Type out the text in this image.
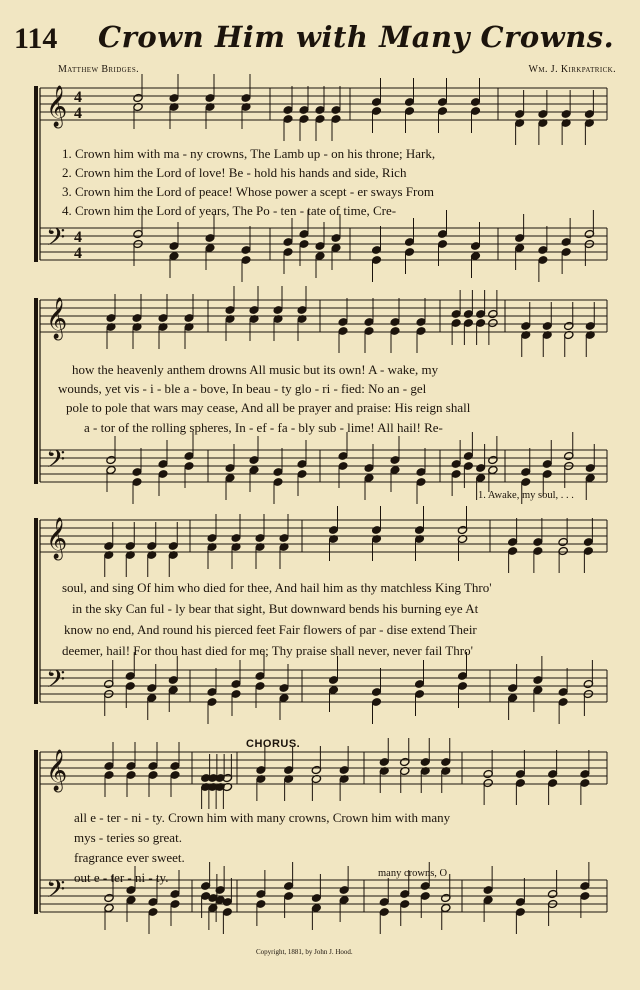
114 Crown Him with Many Crowns.
Matthew Bridges.	Wm. J. Kirkpatrick.
𝄞
𝄢
4
4
4
4
𝄞
𝄢
𝄞
𝄢
𝄞
𝄢
1. Crown him with ma - ny crowns, The Lamb up - on his throne; Hark,
2. Crown him the Lord of love! Be - hold his hands and side, Rich
3. Crown him the Lord of peace! Whose power a scept - er sways From
4. Crown him the Lord of years, The Po - ten - tate of time, Cre-
how the heavenly anthem drowns All music but its own! A - wake, my
wounds, yet vis - i - ble a - bove, In beau - ty glo - ri - fied: No an - gel
pole to pole that wars may cease, And all be prayer and praise: His reign shall
a - tor of the rolling spheres, In - ef - fa - bly sub - lime! All hail! Re-
1. Awake, my soul, . . .
soul, and sing Of him who died for thee, And hail him as thy matchless King Thro'
in the sky Can ful - ly bear that sight, But downward bends his burning eye At
know no end, And round his pierced feet Fair flowers of par - dise extend Their
deemer, hail! For thou hast died for me; Thy praise shall never, never fail Thro'
CHORUS.
all e - ter - ni - ty. Crown him with many crowns, Crown him with many
mys - teries so great.
fragrance ever sweet.
out e - ter - ni - ty.	many crowns, O
Copyright, 1881, by John J. Hood.
